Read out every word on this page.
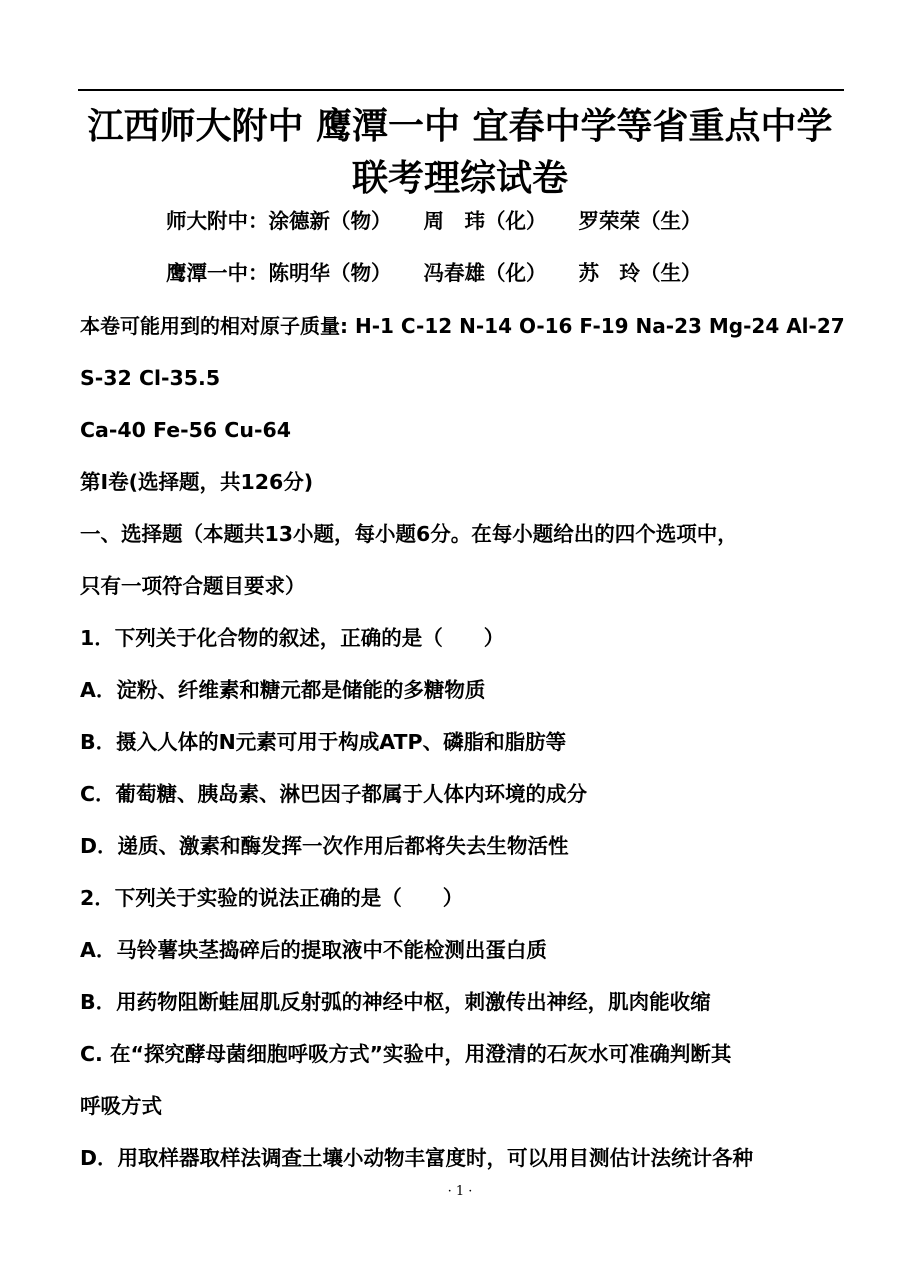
江西师大附中 鹰潭一中 宜春中学等省重点中学
联考理综试卷
师大附中：涂德新（物） 周　玮（化） 罗荣荣（生）
鹰潭一中：陈明华（物） 冯春雄（化） 苏　玲（生）
本卷可能用到的相对原子质量: H-1 C-12 N-14 O-16 F-19 Na-23 Mg-24 Al-27
S-32 Cl-35.5
Ca-40 Fe-56 Cu-64
第Ⅰ卷(选择题，共126分)
一、选择题（本题共13小题，每小题6分。在每小题给出的四个选项中，
只有一项符合题目要求）
1．下列关于化合物的叙述，正确的是（　　）
A．淀粉、纤维素和糖元都是储能的多糖物质
B．摄入人体的N元素可用于构成ATP、磷脂和脂肪等
C．葡萄糖、胰岛素、淋巴因子都属于人体内环境的成分
D．递质、激素和酶发挥一次作用后都将失去生物活性
2．下列关于实验的说法正确的是（　　）
A．马铃薯块茎捣碎后的提取液中不能检测出蛋白质
B．用药物阻断蛙屈肌反射弧的神经中枢，刺激传出神经，肌肉能收缩
C. 在“探究酵母菌细胞呼吸方式”实验中，用澄清的石灰水可准确判断其
呼吸方式
D．用取样器取样法调查土壤小动物丰富度时，可以用目测估计法统计各种
· 1 ·
